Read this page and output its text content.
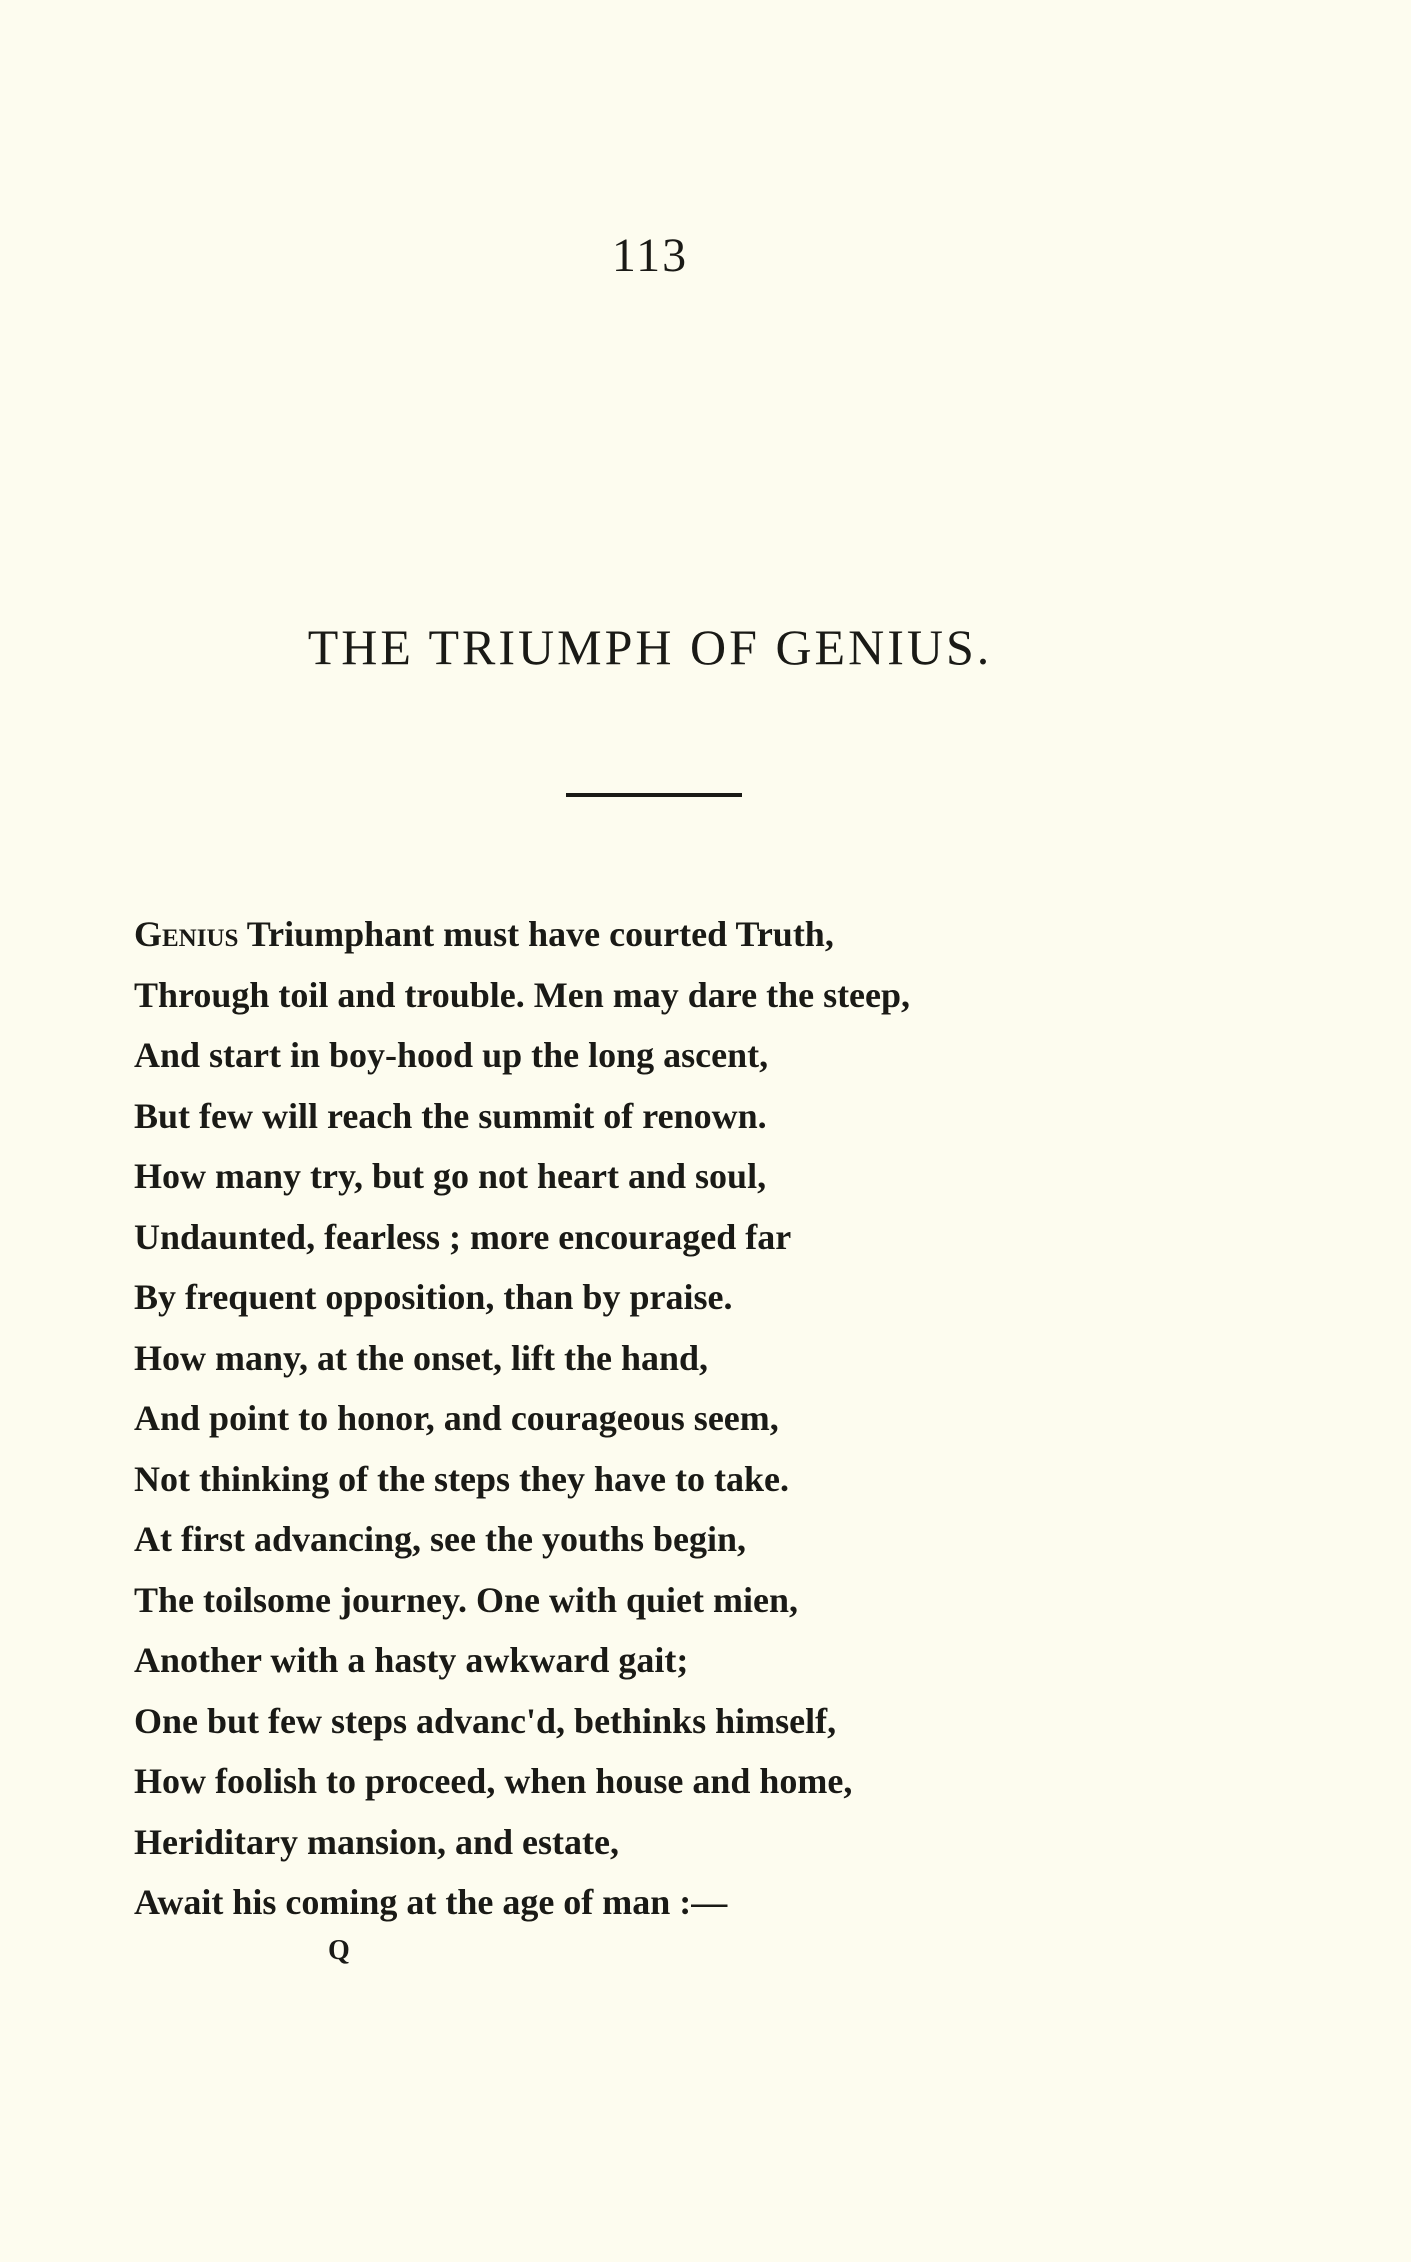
113
THE TRIUMPH OF GENIUS.
Genius Triumphant must have courted Truth,
Through toil and trouble. Men may dare the steep,
And start in boy-hood up the long ascent,
But few will reach the summit of renown.
How many try, but go not heart and soul,
Undaunted, fearless ; more encouraged far
By frequent opposition, than by praise.
How many, at the onset, lift the hand,
And point to honor, and courageous seem,
Not thinking of the steps they have to take.
At first advancing, see the youths begin,
The toilsome journey. One with quiet mien,
Another with a hasty awkward gait;
One but few steps advanc'd, bethinks himself,
How foolish to proceed, when house and home,
Heriditary mansion, and estate,
Await his coming at the age of man :—
Q
